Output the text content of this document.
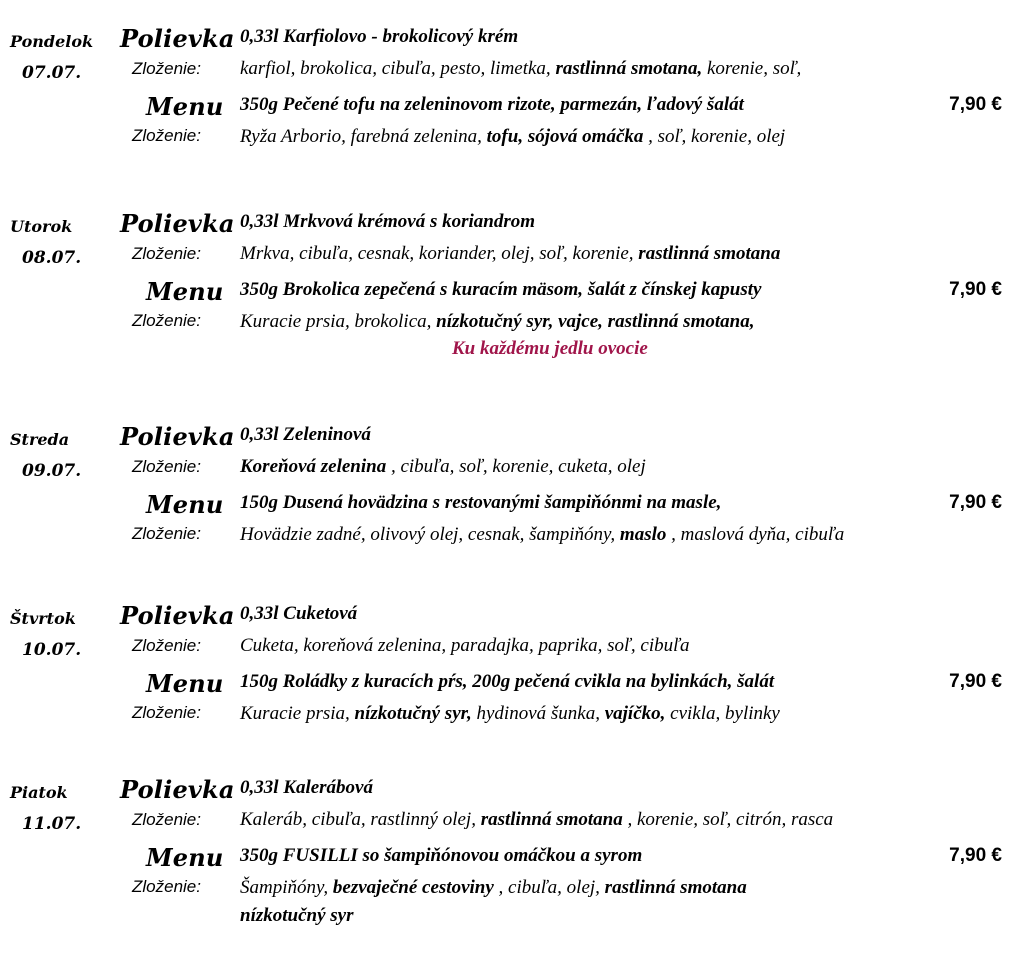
Pondelok
07.07.
Polievka 0,33l Karfiolovo - brokolicový krém
Zloženie: karfiol, brokolica, cibuľa, pesto, limetka, rastlinná smotana, korenie, soľ,
Menu 350g Pečené tofu na zeleninovom rizote, parmezán, ľadový šalát	7,90 €
Zloženie: Ryža Arborio, farebná zelenina, tofu, sójová omáčka , soľ, korenie, olej
Utorok
08.07.
Polievka 0,33l Mrkvová krémová s koriandrom
Zloženie: Mrkva, cibuľa, cesnak, koriander, olej, soľ, korenie, rastlinná smotana
Menu 350g Brokolica zepečená s kuracím mäsom, šalát z čínskej kapusty	7,90 €
Zloženie: Kuracie prsia, brokolica, nízkotučný syr, vajce, rastlinná smotana,
Ku každému jedlu ovocie
Streda
09.07.
Polievka 0,33l Zeleninová
Zloženie: Koreňová zelenina , cibuľa, soľ, korenie, cuketa, olej
Menu 150g Dusená hovädzina s restovanými šampiňónmi na masle,	7,90 €
Zloženie: Hovädzie zadné, olivový olej, cesnak, šampiňóny, maslo , maslová dyňa, cibuľa
Štvrtok
10.07.
Polievka 0,33l Cuketová
Zloženie: Cuketa, koreňová zelenina, paradajka, paprika, soľ, cibuľa
Menu 150g Roládky z kuracích pŕs, 200g pečená cvikla na bylinkách, šalát	7,90 €
Zloženie: Kuracie prsia, nízkotučný syr, hydinová šunka, vajíčko, cvikla, bylinky
Piatok
11.07.
Polievka 0,33l Kalerábová
Zloženie: Kaleráb, cibuľa, rastlinný olej, rastlinná smotana , korenie, soľ, citrón, rasca
Menu 350g FUSILLI so šampiňónovou omáčkou a syrom	7,90 €
Zloženie: Šampiňóny, bezvaječné cestoviny , cibuľa, olej, rastlinná smotana
nízkotučný syr
